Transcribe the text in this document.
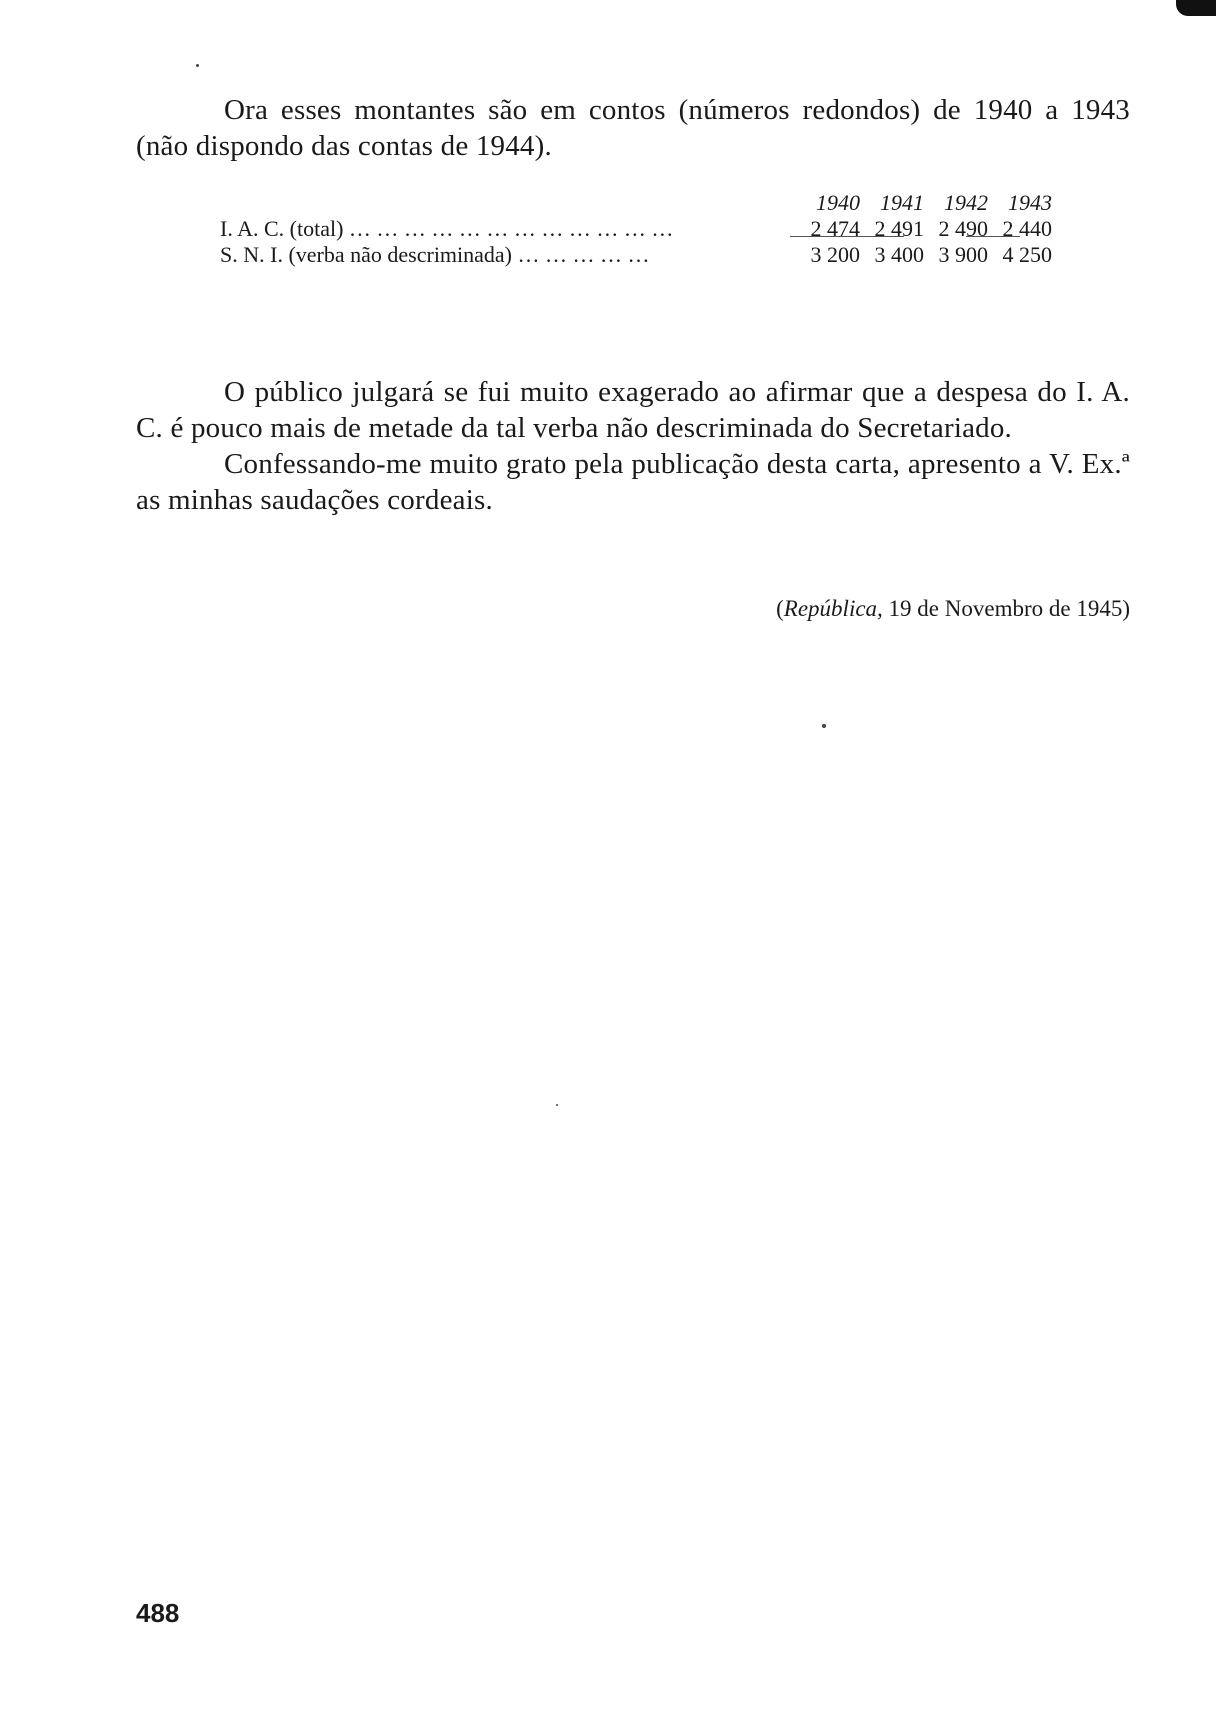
Ora esses montantes são em contos (números redondos) de 1940 a 1943 (não dispondo das contas de 1944).

	1940	1941	1942	1943
I. A. C. (total) … … … … … … … … … … … …	2 474	2 491	2 490	2 440
S. N. I. (verba não descriminada) … … … … …	3 200	3 400	3 900	4 250

O público julgará se fui muito exagerado ao afirmar que a despesa do I. A. C. é pouco mais de metade da tal verba não descriminada do Secretariado.

Confessando-me muito grato pela publicação desta carta, apresento a V. Ex.ª as minhas saudações cordeais.

(República, 19 de Novembro de 1945)
488
